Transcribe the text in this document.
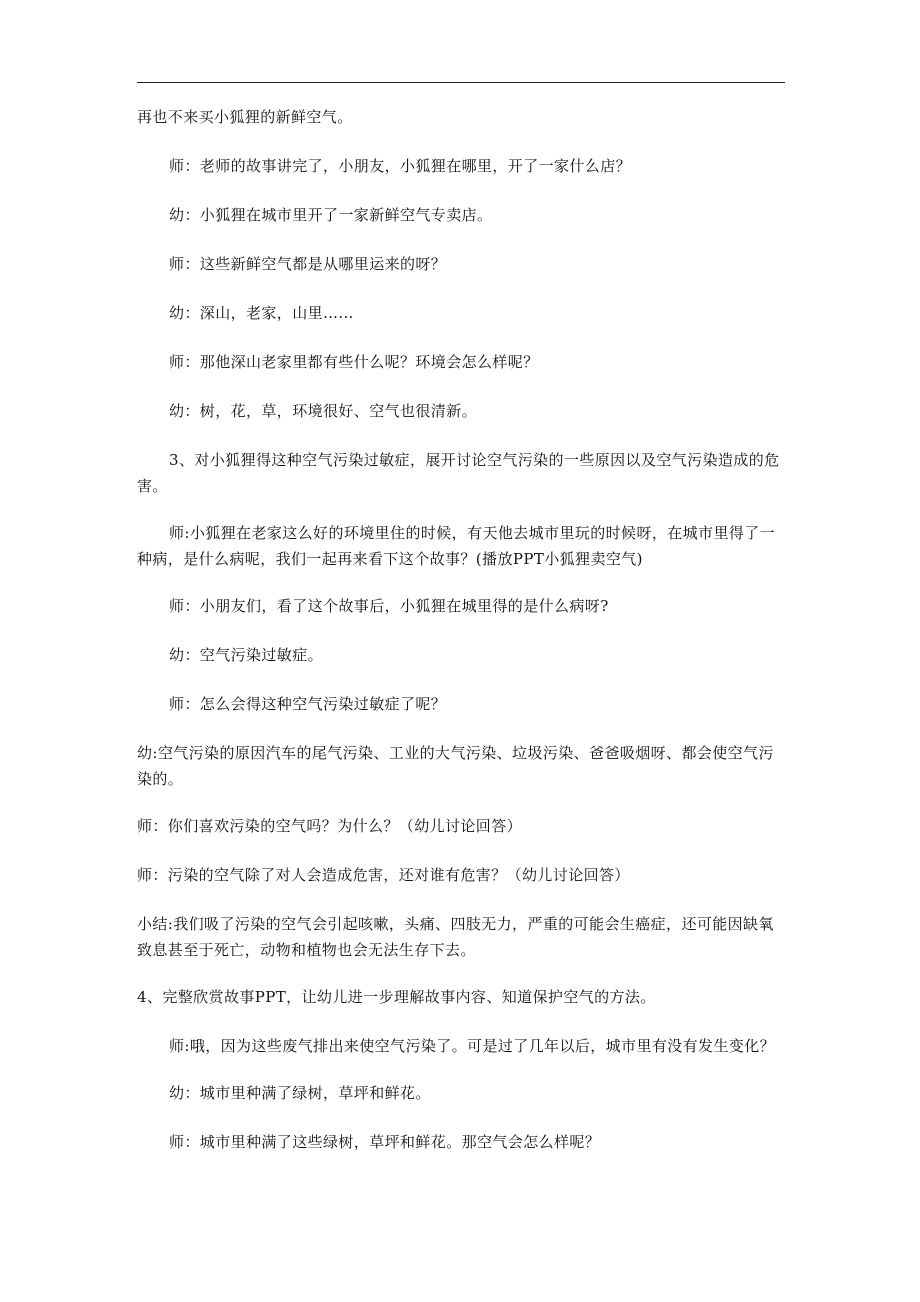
再也不来买小狐狸的新鲜空气。

师：老师的故事讲完了，小朋友，小狐狸在哪里，开了一家什么店？

幼：小狐狸在城市里开了一家新鲜空气专卖店。

师：这些新鲜空气都是从哪里运来的呀？

幼：深山，老家，山里……

师：那他深山老家里都有些什么呢？环境会怎么样呢？

幼：树，花，草，环境很好、空气也很清新。

3、对小狐狸得这种空气污染过敏症，展开讨论空气污染的一些原因以及空气污染造成的危害。

师:小狐狸在老家这么好的环境里住的时候，有天他去城市里玩的时候呀，在城市里得了一种病，是什么病呢，我们一起再来看下这个故事？(播放PPT小狐狸卖空气)

师：小朋友们，看了这个故事后，小狐狸在城里得的是什么病呀?

幼：空气污染过敏症。

师：怎么会得这种空气污染过敏症了呢？

幼:空气污染的原因汽车的尾气污染、工业的大气污染、垃圾污染、爸爸吸烟呀、都会使空气污染的。

师：你们喜欢污染的空气吗？为什么？（幼儿讨论回答）

师：污染的空气除了对人会造成危害，还对谁有危害？（幼儿讨论回答）

小结:我们吸了污染的空气会引起咳嗽，头痛、四肢无力，严重的可能会生癌症，还可能因缺氧致息甚至于死亡，动物和植物也会无法生存下去。

4、完整欣赏故事PPT，让幼儿进一步理解故事内容、知道保护空气的方法。

师:哦，因为这些废气排出来使空气污染了。可是过了几年以后，城市里有没有发生变化？

幼：城市里种满了绿树，草坪和鲜花。

师：城市里种满了这些绿树，草坪和鲜花。那空气会怎么样呢？
